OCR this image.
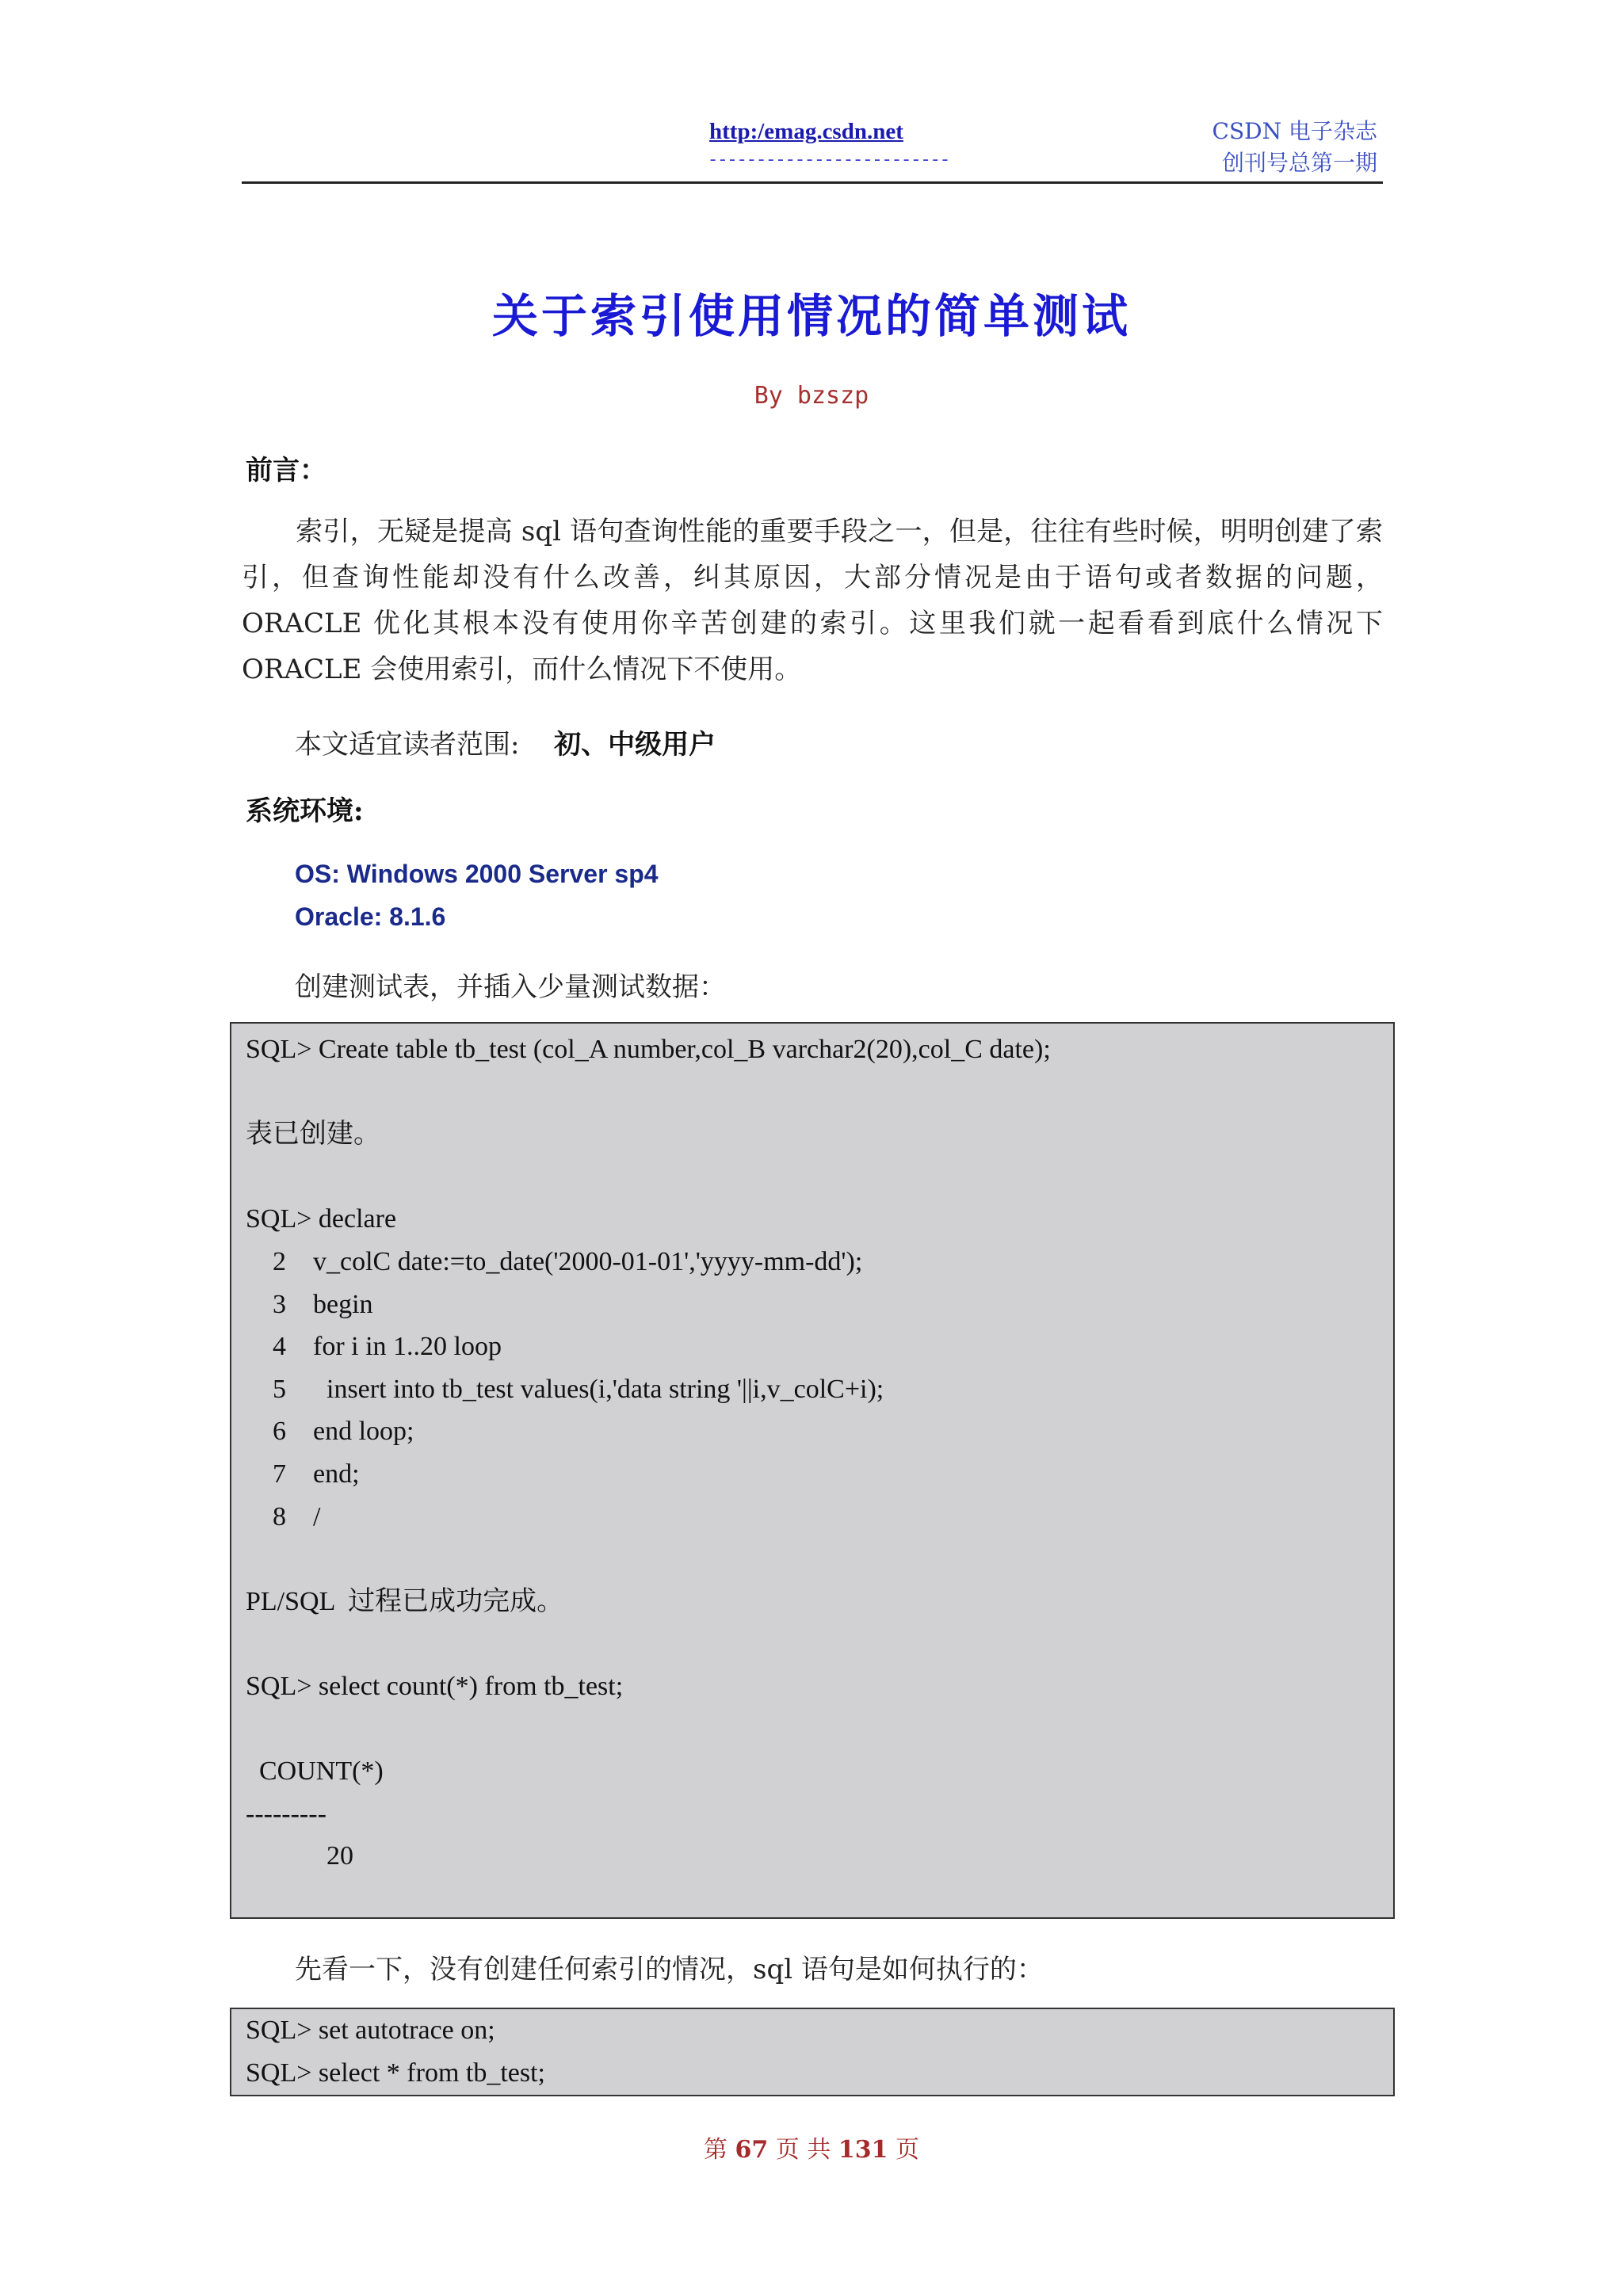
http:/emag.csdn.net
-------------------------
CSDN 电子杂志
创刊号总第一期
关于索引使用情况的简单测试
By bzszp
前言：
索引，无疑是提高 sql 语句查询性能的重要手段之一，但是，往往有些时候，明明创建了索引，但查询性能却没有什么改善，纠其原因，大部分情况是由于语句或者数据的问题，ORACLE 优化其根本没有使用你辛苦创建的索引。这里我们就一起看看到底什么情况下 ORACLE 会使用索引，而什么情况下不使用。
本文适宜读者范围: 初、中级用户
系统环境:
OS: Windows 2000 Server sp4
Oracle: 8.1.6
创建测试表，并插入少量测试数据：
SQL> Create table tb_test (col_A number,col_B varchar2(20),col_C date);

表已创建。

SQL> declare
2    v_colC date:=to_date('2000-01-01','yyyy-mm-dd');
3    begin
4    for i in 1..20 loop
5      insert into tb_test values(i,'data string '||i,v_colC+i);
6    end loop;
7    end;
8    /

PL/SQL  过程已成功完成。

SQL> select count(*) from tb_test;

COUNT(*)
---------
20
先看一下，没有创建任何索引的情况，sql 语句是如何执行的：
SQL> set autotrace on;
SQL> select * from tb_test;
第 67 页 共 131 页
